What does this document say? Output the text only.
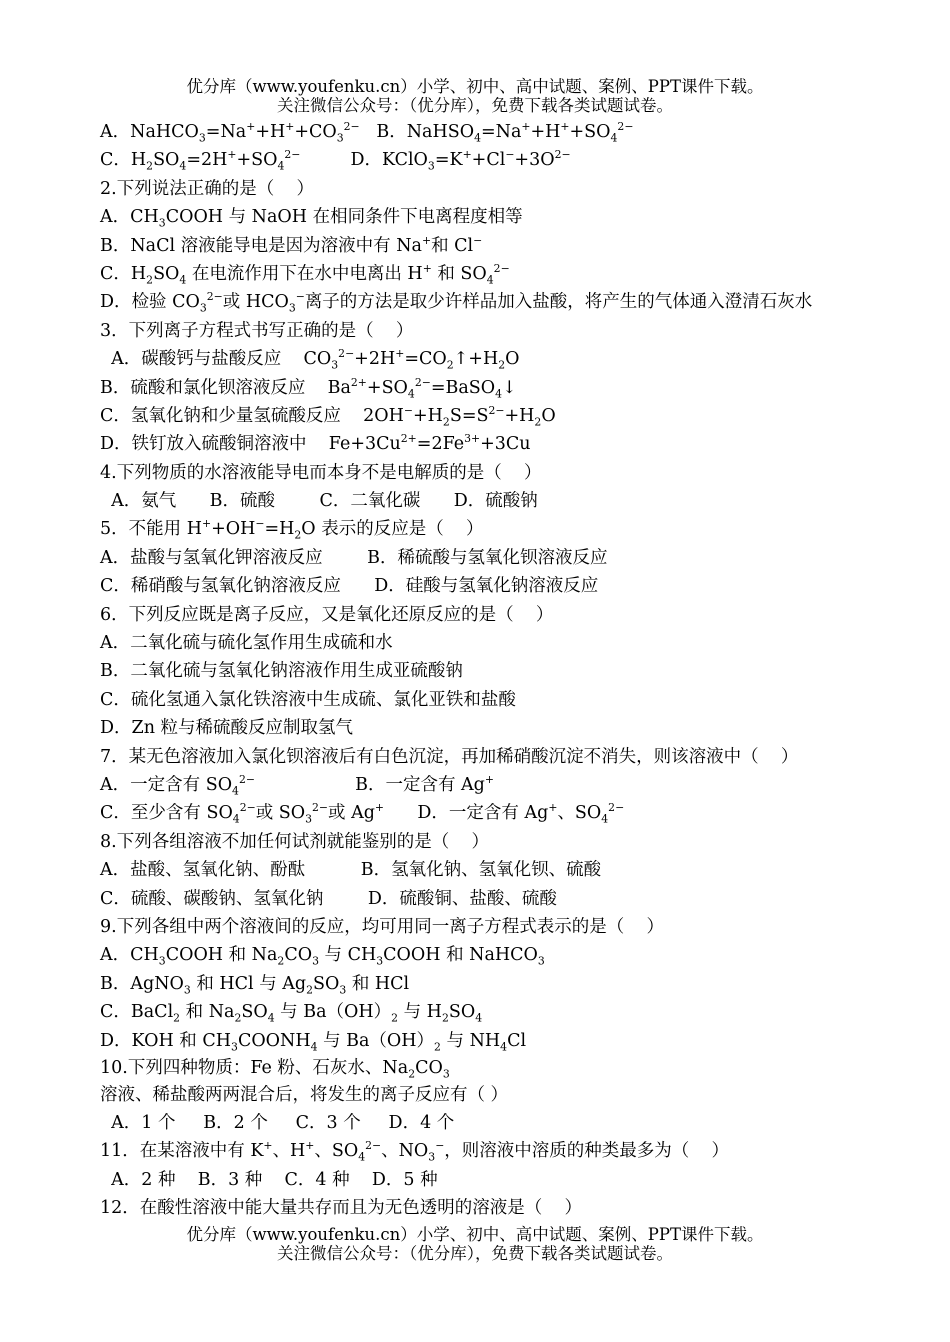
优分库（www.youfenku.cn）小学、初中、高中试题、案例、PPT课件下载。
关注微信公众号：（优分库），免费下载各类试题试卷。
A．$NaHCO_3=Na^++H^++CO_3^{2-}$   B．$NaHSO_4=Na^++H^++SO_4^{2-}$
C．$H_2SO_4=2H^++SO_4^{2-}$         D．$KClO_3=K^++Cl^-+3O^{2-}$
2.下列说法正确的是（    ）
A．$CH_3COOH$ 与 NaOH 在相同条件下电离程度相等
B．NaCl 溶液能导电是因为溶液中有 Na+和 Cl−
C．$H_2SO_4$ 在电流作用下在水中电离出 H+ 和 $SO_4^{2-}$
D．检验 $CO_3^{2-}$或 $HCO_3^-$离子的方法是取少许样品加入盐酸，将产生的气体通入澄清石灰水
3．下列离子方程式书写正确的是（    ）
A．碳酸钙与盐酸反应    $CO_3^{2-}+2H^+=CO_2↑+H_2O$
B．硫酸和氯化钡溶液反应    $Ba^{2+}+SO_4^{2-}=BaSO_4↓$
C．氢氧化钠和少量氢硫酸反应    $2OH^-+H_2S=S^{2-}+H_2O$
D．铁钉放入硫酸铜溶液中    $Fe+3Cu^{2+}=2Fe^{3+}+3Cu$
4.下列物质的水溶液能导电而本身不是电解质的是（    ）
A．氨气      B．硫酸        C．二氧化碳      D．硫酸钠
5．不能用 $H^++OH^-=H_2O$ 表示的反应是（    ）
A．盐酸与氢氧化钾溶液反应        B．稀硫酸与氢氧化钡溶液反应
C．稀硝酸与氢氧化钠溶液反应      D．硅酸与氢氧化钠溶液反应
6．下列反应既是离子反应，又是氧化还原反应的是（    ）
A．二氧化硫与硫化氢作用生成硫和水
B．二氧化硫与氢氧化钠溶液作用生成亚硫酸钠
C．硫化氢通入氯化铁溶液中生成硫、氯化亚铁和盐酸
D．Zn 粒与稀硫酸反应制取氢气
7．某无色溶液加入氯化钡溶液后有白色沉淀，再加稀硝酸沉淀不消失，则该溶液中（    ）
A．一定含有 $SO_4^{2-}$                  B．一定含有 Ag+
C．至少含有 $SO_4^{2-}$或 $SO_3^{2-}$或 Ag+      D．一定含有 Ag+、$SO_4^{2-}$
8.下列各组溶液不加任何试剂就能鉴别的是（    ）
A．盐酸、氢氧化钠、酚酞          B．氢氧化钠、氢氧化钡、硫酸
C．硫酸、碳酸钠、氢氧化钠        D．硫酸铜、盐酸、硫酸
9.下列各组中两个溶液间的反应，均可用同一离子方程式表示的是（    ）
A．$CH_3COOH$ 和 $Na_2CO_3$ 与 $CH_3COOH$ 和 NaHCO$_3$
B．AgNO$_3$ 和 HCl 与 $Ag_2SO_3$ 和 HCl
C．BaCl$_2$ 和 $Na_2SO_4$ 与 $Ba(OH)_2$ 与 $H_2SO_4$
D．KOH 和 $CH_3COONH_4$ 与 $Ba(OH)_2$ 与 $NH_4Cl$
10.下列四种物质：Fe 粉、石灰水、$Na_2CO_3$ 溶液、稀盐酸两两混合后，将发生的离子反应有（ ）
A．1 个     B．2 个     C．3 个     D．4 个
11．在某溶液中有 K+、H+、$SO_4^{2-}$、$NO_3^-$，则溶液中溶质的种类最多为（    ）
A．2 种    B．3 种    C．4 种    D．5 种
12．在酸性溶液中能大量共存而且为无色透明的溶液是（    ）
优分库（www.youfenku.cn）小学、初中、高中试题、案例、PPT课件下载。
关注微信公众号：（优分库），免费下载各类试题试卷。
